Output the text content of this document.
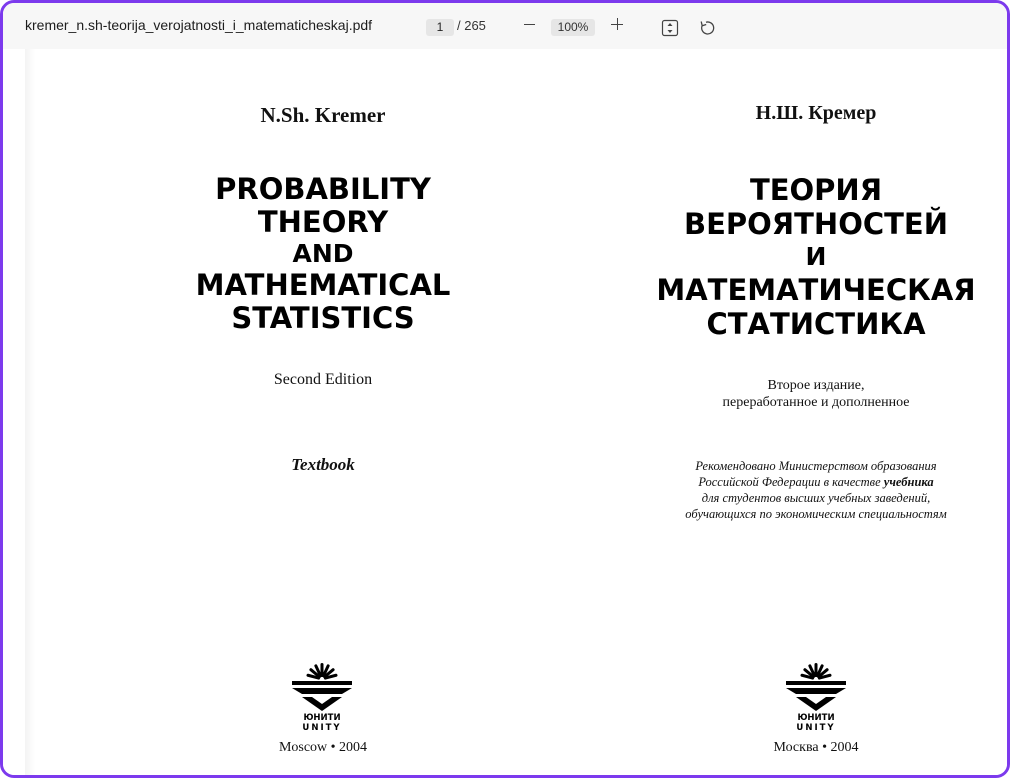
kremer_n.sh-teorija_verojatnosti_i_matematicheskaj.pdf	1	/ 265	100%
N.Sh. Kremer
PROBABILITY
THEORY
AND
MATHEMATICAL
STATISTICS
Second Edition
Textbook
ЮНИТИ
UNITY
Moscow • 2004
Н.Ш. Кремер
ТЕОРИЯ
ВЕРОЯТНОСТЕЙ
И
МАТЕМАТИЧЕСКАЯ
СТАТИСТИКА
Второе издание,
переработанное и дополненное
Рекомендовано Министерством образования
Российской Федерации в качестве учебника
для студентов высших учебных заведений,
обучающихся по экономическим специальностям
ЮНИТИ
UNITY
Москва • 2004
